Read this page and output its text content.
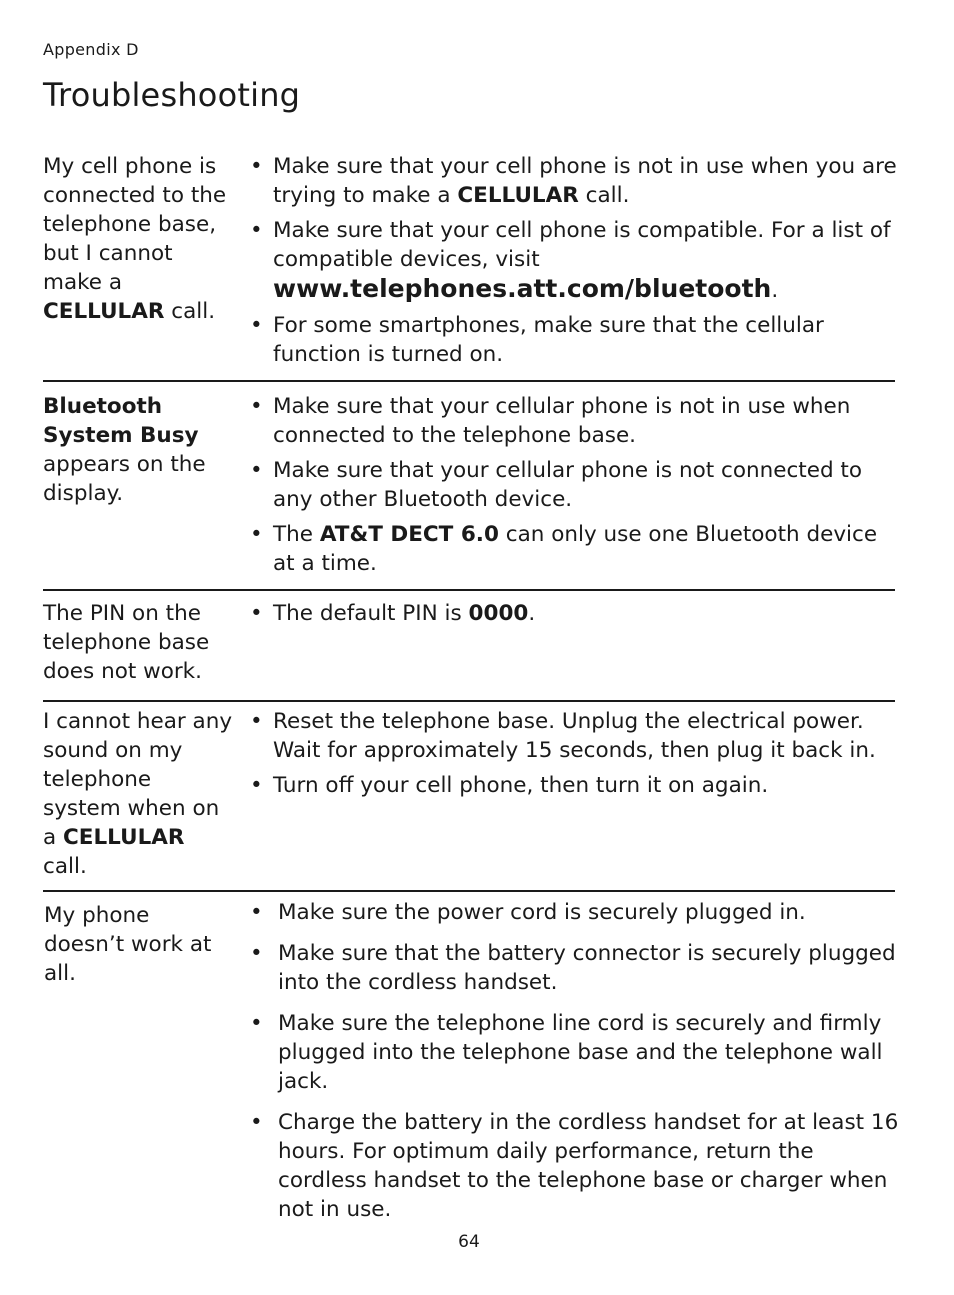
Appendix D
Troubleshooting
My cell phone is connected to the telephone base, but I cannot make a CELLULAR call.
• Make sure that your cell phone is not in use when you are trying to make a CELLULAR call.
• Make sure that your cell phone is compatible. For a list of compatible devices, visit
www.telephones.att.com/bluetooth.
• For some smartphones, make sure that the cellular function is turned on.
Bluetooth System Busy appears on the display.
• Make sure that your cellular phone is not in use when connected to the telephone base.
• Make sure that your cellular phone is not connected to any other Bluetooth device.
• The AT&T DECT 6.0 can only use one Bluetooth device at a time.
The PIN on the telephone base does not work.
• The default PIN is 0000.
I cannot hear any sound on my telephone system when on a CELLULAR call.
• Reset the telephone base. Unplug the electrical power. Wait for approximately 15 seconds, then plug it back in.
• Turn off your cell phone, then turn it on again.
My phone doesn’t work at all.
• Make sure the power cord is securely plugged in.
• Make sure that the battery connector is securely plugged into the cordless handset.
• Make sure the telephone line cord is securely and firmly plugged into the telephone base and the telephone wall jack.
• Charge the battery in the cordless handset for at least 16 hours. For optimum daily performance, return the cordless handset to the telephone base or charger when not in use.
64
